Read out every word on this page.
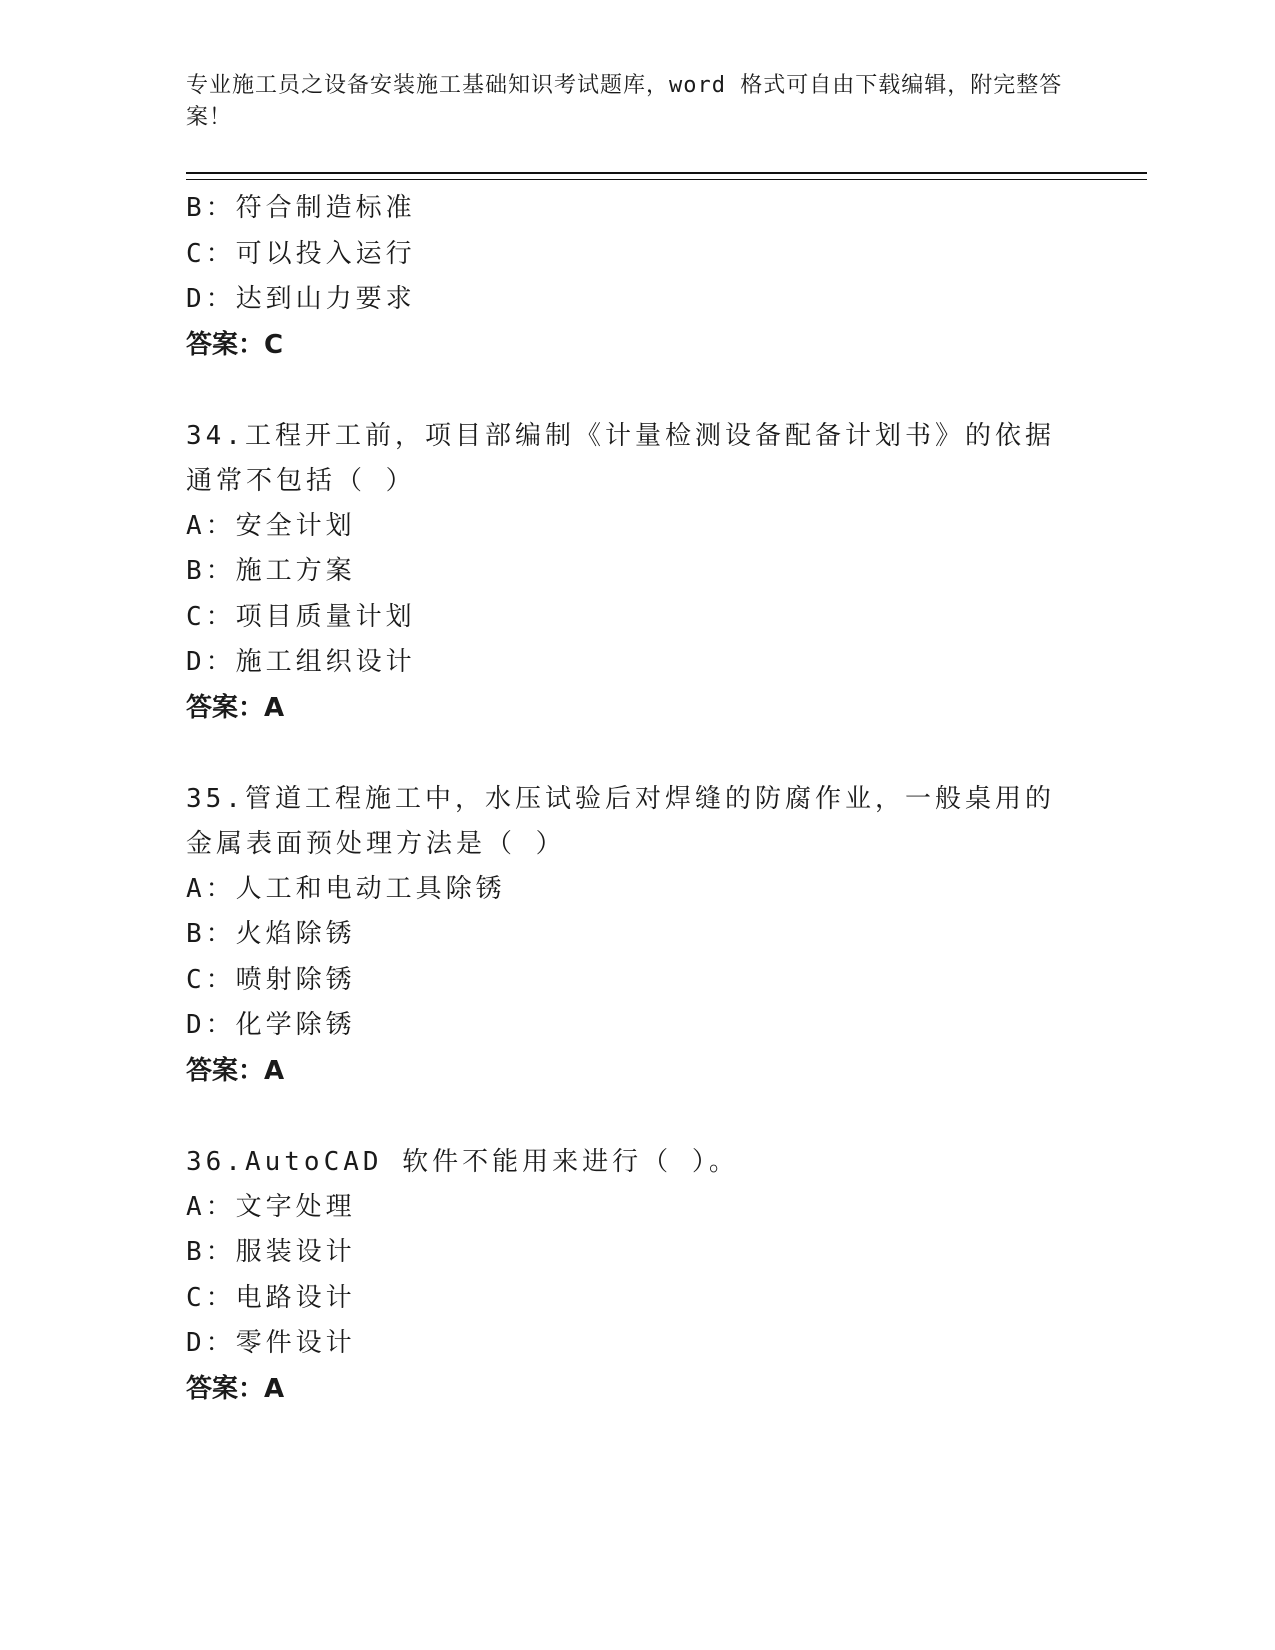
专业施工员之设备安装施工基础知识考试题库，word 格式可自由下载编辑，附完整答案！
B：符合制造标准
C：可以投入运行
D：达到山力要求
答案：C
34.工程开工前，项目部编制《计量检测设备配备计划书》的依据通常不包括（ ）
A：安全计划
B：施工方案
C：项目质量计划
D：施工组织设计
答案：A
35.管道工程施工中，水压试验后对焊缝的防腐作业，一般桌用的金属表面预处理方法是（ ）
A：人工和电动工具除锈
B：火焰除锈
C：喷射除锈
D：化学除锈
答案：A
36.AutoCAD 软件不能用来进行（ ）。
A：文字处理
B：服装设计
C：电路设计
D：零件设计
答案：A
